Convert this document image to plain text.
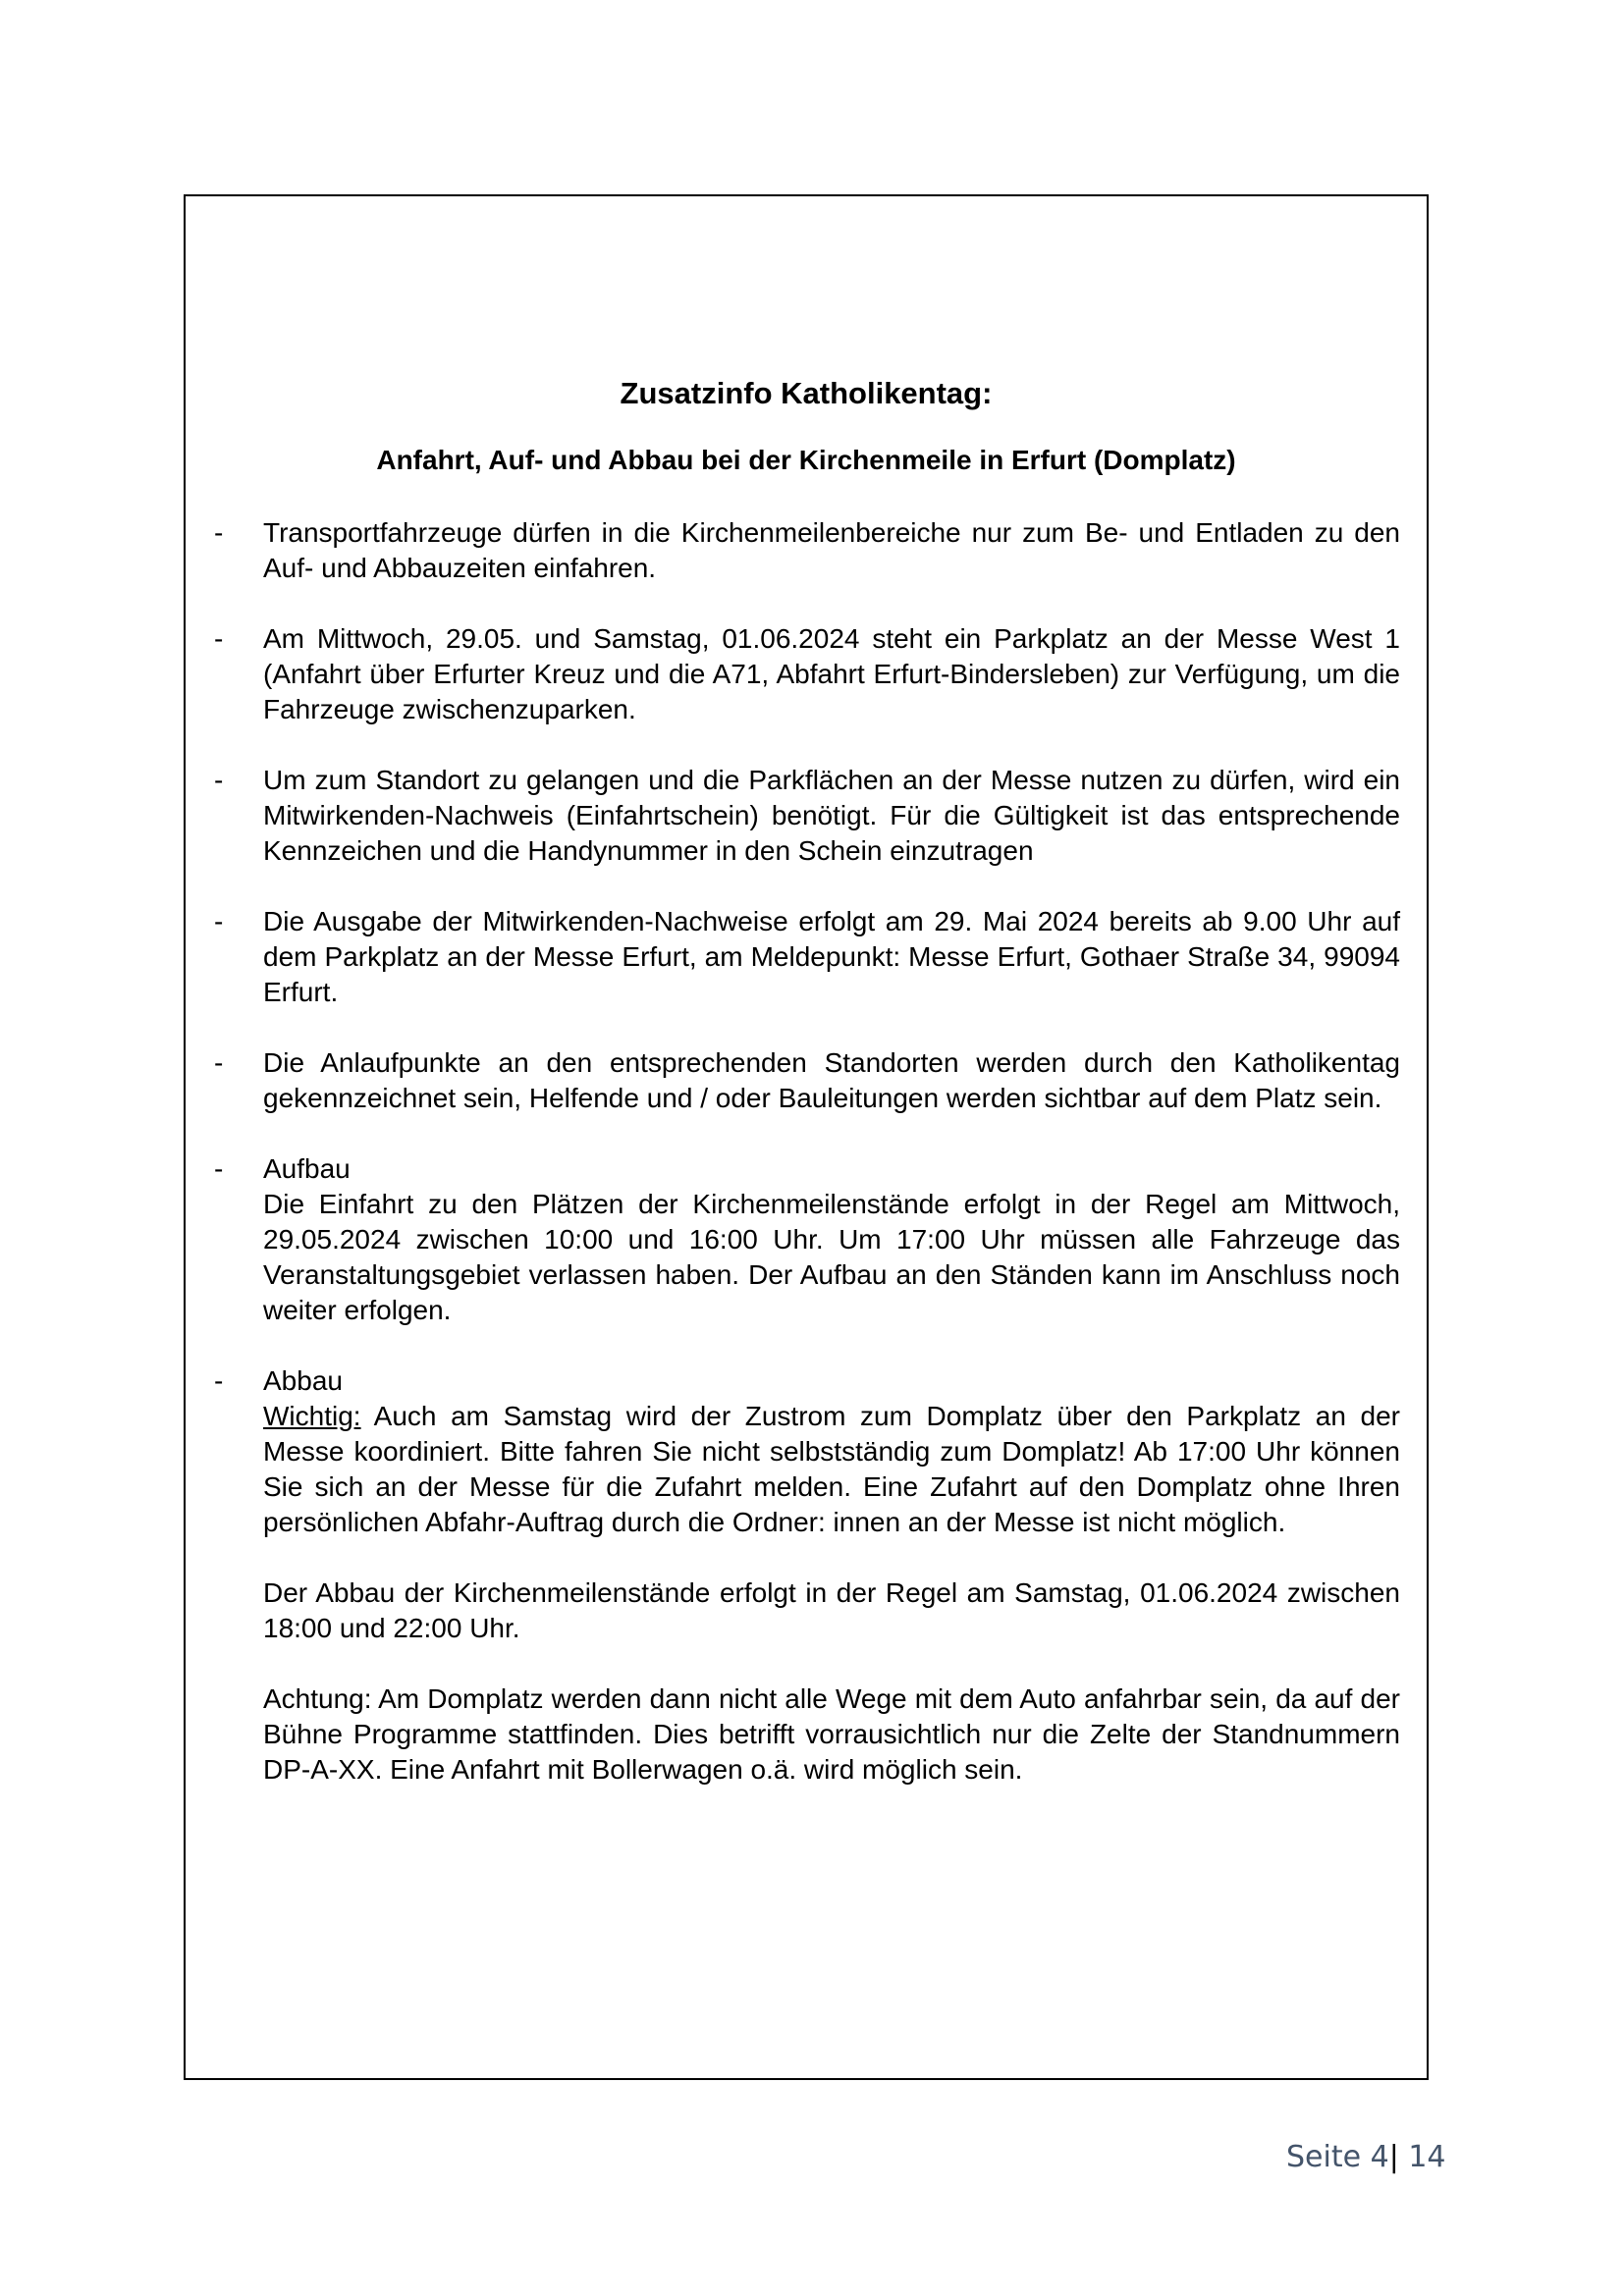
Zusatzinfo Katholikentag:
Anfahrt, Auf- und Abbau bei der Kirchenmeile in Erfurt (Domplatz)
-	Transportfahrzeuge dürfen in die Kirchenmeilenbereiche nur zum Be- und Entladen zu den Auf- und Abbauzeiten einfahren.

-	Am Mittwoch, 29.05. und Samstag, 01.06.2024 steht ein Parkplatz an der Messe West 1 (Anfahrt über Erfurter Kreuz und die A71, Abfahrt Erfurt-Bindersleben) zur Verfügung, um die Fahrzeuge zwischenzuparken.

-	Um zum Standort zu gelangen und die Parkflächen an der Messe nutzen zu dürfen, wird ein Mitwirkenden-Nachweis (Einfahrtschein) benötigt. Für die Gültigkeit ist das entsprechende Kennzeichen und die Handynummer in den Schein einzutragen

-	Die Ausgabe der Mitwirkenden-Nachweise erfolgt am 29. Mai 2024 bereits ab 9.00 Uhr auf dem Parkplatz an der Messe Erfurt, am Meldepunkt: Messe Erfurt, Gothaer Straße 34, 99094 Erfurt.

-	Die Anlaufpunkte an den entsprechenden Standorten werden durch den Katholikentag gekennzeichnet sein, Helfende und / oder Bauleitungen werden sichtbar auf dem Platz sein.

-	Aufbau
Die Einfahrt zu den Plätzen der Kirchenmeilenstände erfolgt in der Regel am Mittwoch, 29.05.2024 zwischen 10:00 und 16:00 Uhr. Um 17:00 Uhr müssen alle Fahrzeuge das Veranstaltungsgebiet verlassen haben. Der Aufbau an den Ständen kann im Anschluss noch weiter erfolgen.

-	Abbau
Wichtig: Auch am Samstag wird der Zustrom zum Domplatz über den Parkplatz an der Messe koordiniert. Bitte fahren Sie nicht selbstständig zum Domplatz! Ab 17:00 Uhr können Sie sich an der Messe für die Zufahrt melden. Eine Zufahrt auf den Domplatz ohne Ihren persönlichen Abfahr-Auftrag durch die Ordner: innen an der Messe ist nicht möglich.

Der Abbau der Kirchenmeilenstände erfolgt in der Regel am Samstag, 01.06.2024 zwischen 18:00 und 22:00 Uhr.

Achtung: Am Domplatz werden dann nicht alle Wege mit dem Auto anfahrbar sein, da auf der Bühne Programme stattfinden. Dies betrifft vorrausichtlich nur die Zelte der Standnummern DP-A-XX. Eine Anfahrt mit Bollerwagen o.ä. wird möglich sein.

Seite 4| 14
